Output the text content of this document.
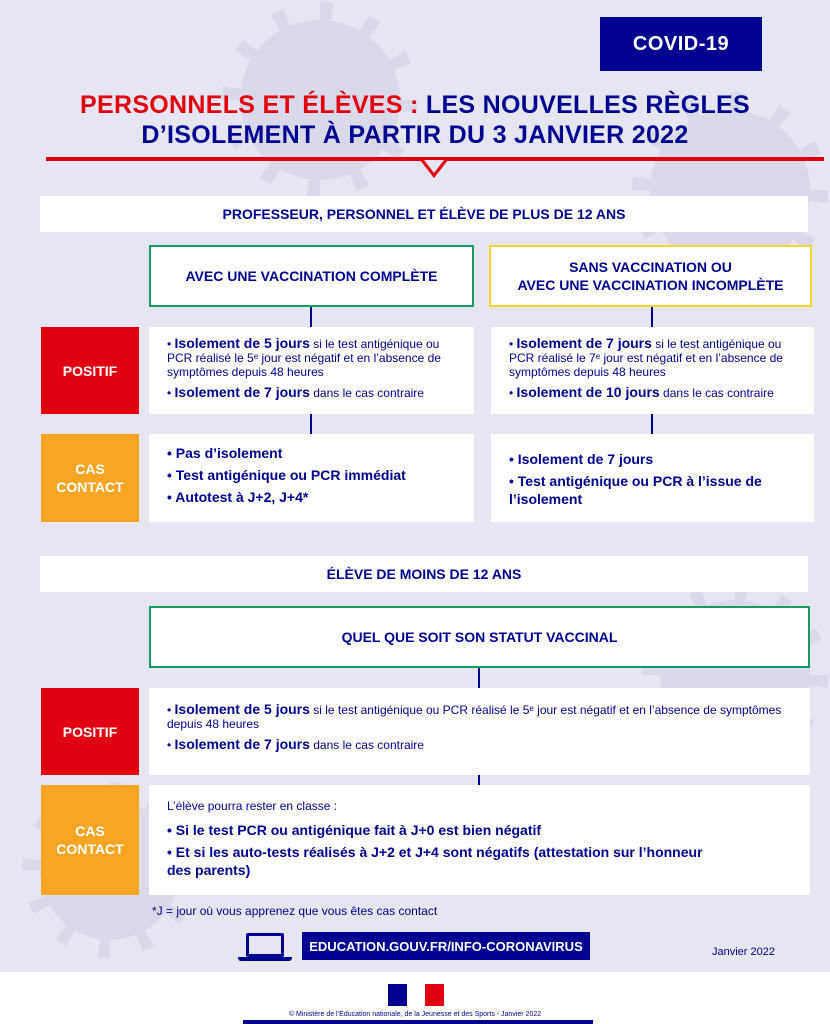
COVID-19
PERSONNELS ET ÉLÈVES : LES NOUVELLES RÈGLES
D’ISOLEMENT À PARTIR DU 3 JANVIER 2022
PROFESSEUR, PERSONNEL ET ÉLÈVE DE PLUS DE 12 ANS
AVEC UNE VACCINATION COMPLÈTE
SANS VACCINATION OU
AVEC UNE VACCINATION INCOMPLÈTE
POSITIF

• Isolement de 5 jours si le test antigénique ou PCR réalisé le 5ᵉ jour est négatif et en l’absence de symptômes depuis 48 heures

• Isolement de 7 jours dans le cas contraire

• Isolement de 7 jours si le test antigénique ou PCR réalisé le 7ᵉ jour est négatif et en l’absence de symptômes depuis 48 heures

• Isolement de 10 jours dans le cas contraire

CAS
CONTACT

• Pas d’isolement

• Test antigénique ou PCR immédiat

• Autotest à J+2, J+4*

• Isolement de 7 jours

• Test antigénique ou PCR à l’issue de l’isolement

ÉLÈVE DE MOINS DE 12 ANS
QUEL QUE SOIT SON STATUT VACCINAL
POSITIF

• Isolement de 5 jours si le test antigénique ou PCR réalisé le 5ᵉ jour est négatif et en l’absence de symptômes depuis 48 heures

• Isolement de 7 jours dans le cas contraire

CAS
CONTACT

L’élève pourra rester en classe :

• Si le test PCR ou antigénique fait à J+0 est bien négatif

• Et si les auto-tests réalisés à J+2 et J+4 sont négatifs (attestation sur l’honneur des parents)

*J = jour où vous apprenez que vous êtes cas contact
EDUCATION.GOUV.FR/INFO-CORONAVIRUS	Janvier 2022
© Ministère de l’Éducation nationale, de la Jeunesse et des Sports - Janvier 2022
